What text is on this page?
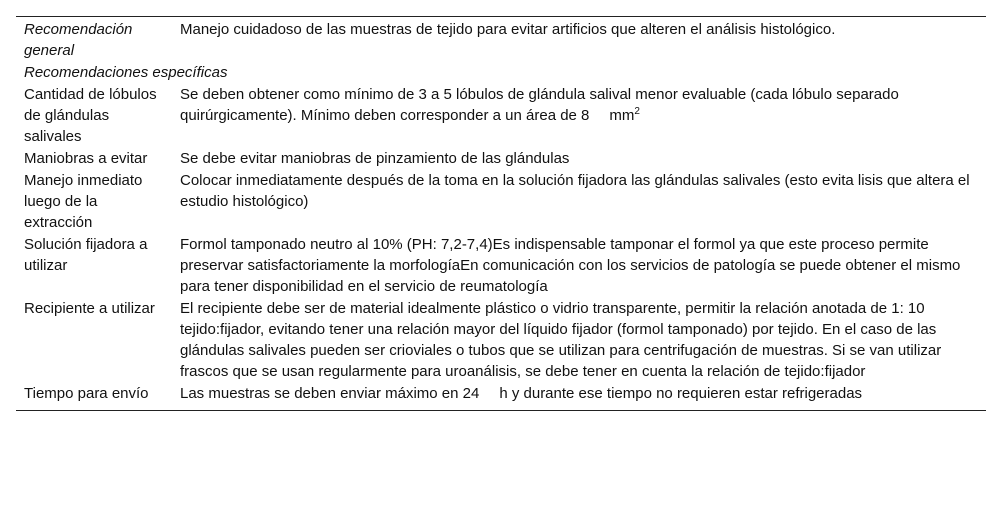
Recomendación general	Manejo cuidadoso de las muestras de tejido para evitar artificios que alteren el análisis histológico.
Recomendaciones específicas	
Cantidad de lóbulos de glándulas salivales	Se deben obtener como mínimo de 3 a 5 lóbulos de glándula salival menor evaluable (cada lóbulo separado quirúrgicamente). Mínimo deben corresponder a un área de 8 $mm^2$
Maniobras a evitar	Se debe evitar maniobras de pinzamiento de las glándulas
Manejo inmediato luego de la extracción	Colocar inmediatamente después de la toma en la solución fijadora las glándulas salivales (esto evita lisis que altera el estudio histológico)
Solución fijadora a utilizar	Formol tamponado neutro al 10% (PH: 7,2-7,4)Es indispensable tamponar el formol ya que este proceso permite preservar satisfactoriamente la morfologíaEn comunicación con los servicios de patología se puede obtener el mismo para tener disponibilidad en el servicio de reumatología
Recipiente a utilizar	El recipiente debe ser de material idealmente plástico o vidrio transparente, permitir la relación anotada de 1: 10 tejido:fijador, evitando tener una relación mayor del líquido fijador (formol tamponado) por tejido. En el caso de las glándulas salivales pueden ser crioviales o tubos que se utilizan para centrifugación de muestras. Si se van utilizar frascos que se usan regularmente para uroanálisis, se debe tener en cuenta la relación de tejido:fijador
Tiempo para envío	Las muestras se deben enviar máximo en 24 h y durante ese tiempo no requieren estar refrigeradas
